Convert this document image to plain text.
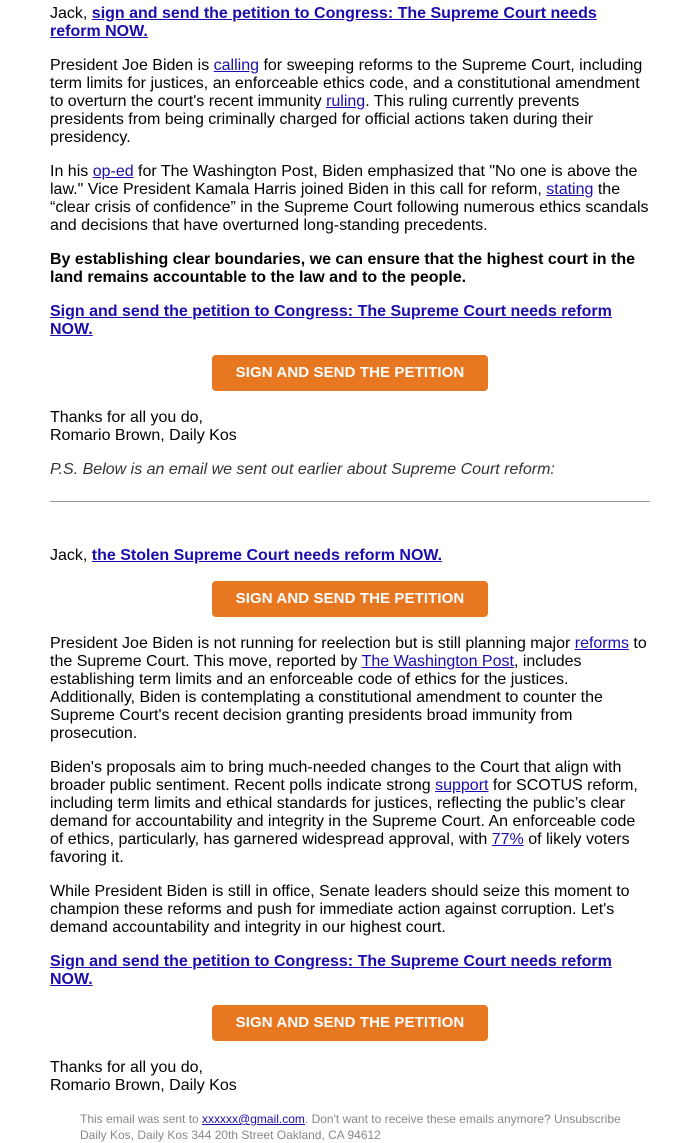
Jack, sign and send the petition to Congress: The Supreme Court needs reform NOW.

President Joe Biden is calling for sweeping reforms to the Supreme Court, including term limits for justices, an enforceable ethics code, and a constitutional amendment to overturn the court's recent immunity ruling. This ruling currently prevents presidents from being criminally charged for official actions taken during their presidency.

In his op-ed for The Washington Post, Biden emphasized that "No one is above the law." Vice President Kamala Harris joined Biden in this call for reform, stating the “clear crisis of confidence” in the Supreme Court following numerous ethics scandals and decisions that have overturned long-standing precedents.

By establishing clear boundaries, we can ensure that the highest court in the land remains accountable to the law and to the people.

Sign and send the petition to Congress: The Supreme Court needs reform NOW.

SIGN AND SEND THE PETITION

Thanks for all you do,
Romario Brown, Daily Kos

P.S. Below is an email we sent out earlier about Supreme Court reform:

Jack, the Stolen Supreme Court needs reform NOW.

SIGN AND SEND THE PETITION

President Joe Biden is not running for reelection but is still planning major reforms to the Supreme Court. This move, reported by The Washington Post, includes establishing term limits and an enforceable code of ethics for the justices. Additionally, Biden is contemplating a constitutional amendment to counter the Supreme Court's recent decision granting presidents broad immunity from prosecution.

Biden's proposals aim to bring much-needed changes to the Court that align with broader public sentiment. Recent polls indicate strong support for SCOTUS reform, including term limits and ethical standards for justices, reflecting the public’s clear demand for accountability and integrity in the Supreme Court. An enforceable code of ethics, particularly, has garnered widespread approval, with 77% of likely voters favoring it.

While President Biden is still in office, Senate leaders should seize this moment to champion these reforms and push for immediate action against corruption. Let's demand accountability and integrity in our highest court.

Sign and send the petition to Congress: The Supreme Court needs reform NOW.

SIGN AND SEND THE PETITION

Thanks for all you do,
Romario Brown, Daily Kos

This email was sent to xxxxxx@gmail.com. Don't want to receive these emails anymore? Unsubscribe
Daily Kos, Daily Kos 344 20th Street Oakland, CA 94612
